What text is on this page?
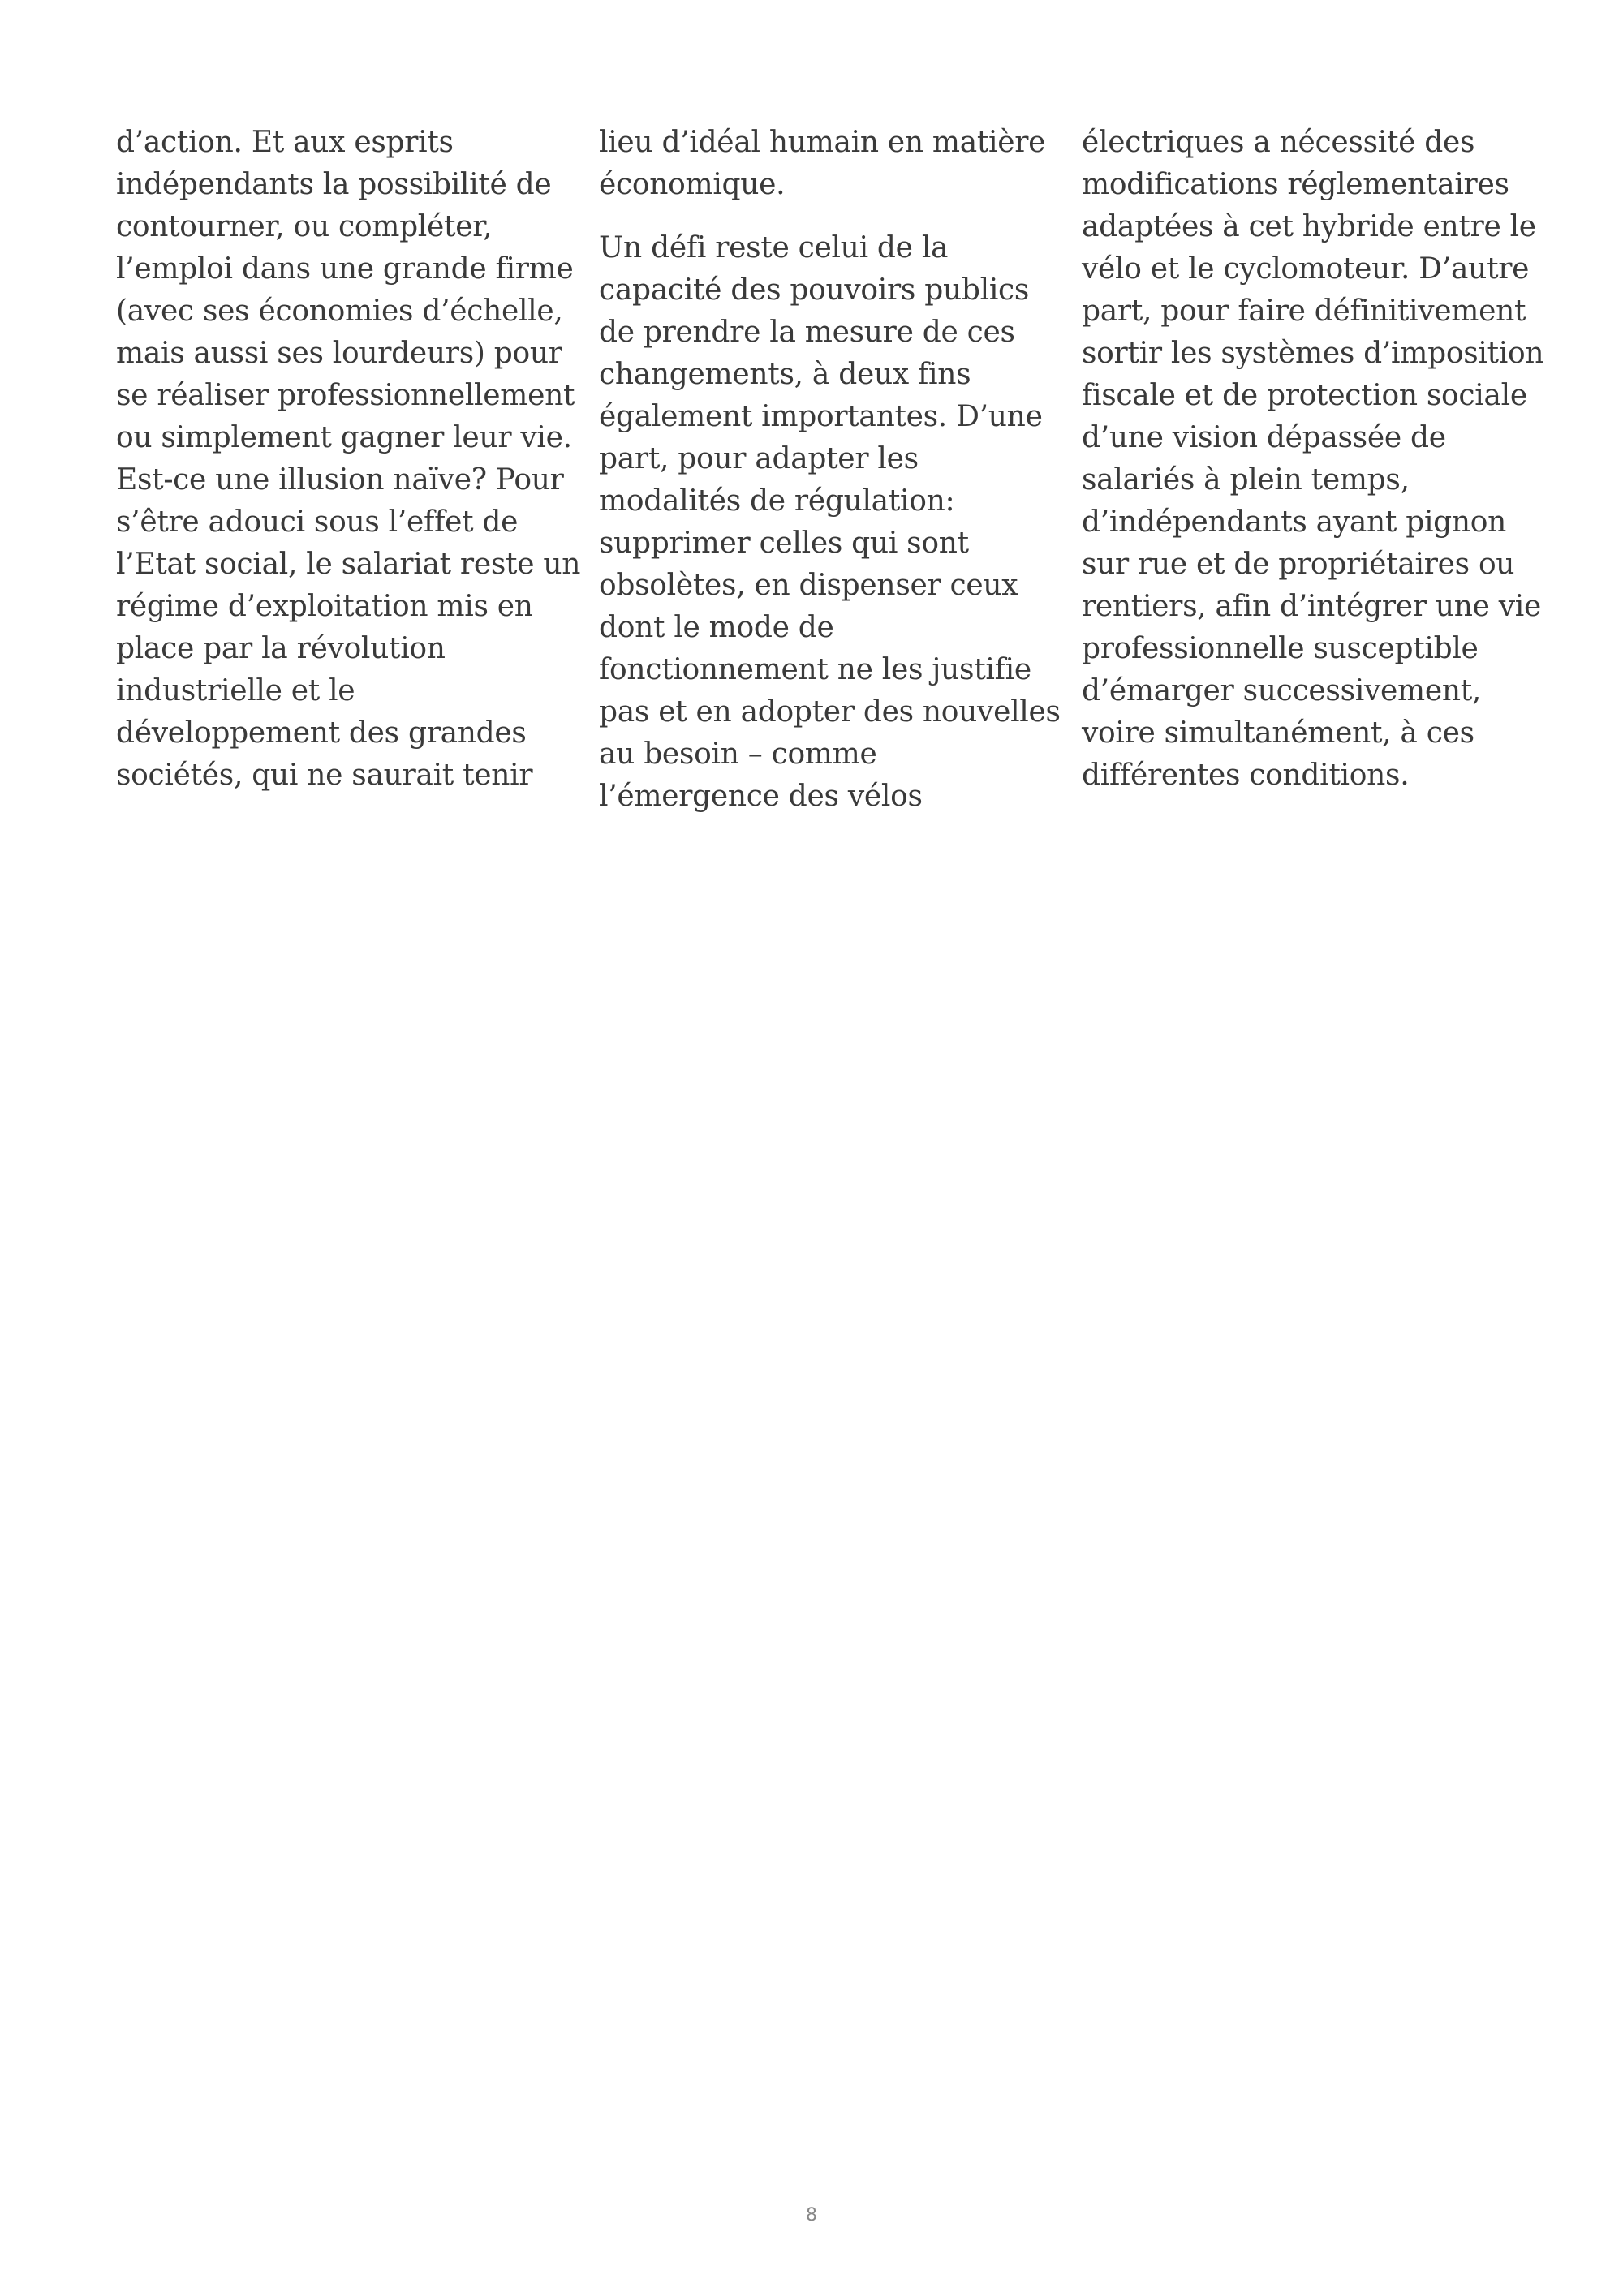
d’action. Et aux esprits
indépendants la possibilité de
contourner, ou compléter,
l’emploi dans une grande firme
(avec ses économies d’échelle,
mais aussi ses lourdeurs) pour
se réaliser professionnellement
ou simplement gagner leur vie.
Est-ce une illusion naïve? Pour
s’être adouci sous l’effet de
l’Etat social, le salariat reste un
régime d’exploitation mis en
place par la révolution
industrielle et le
développement des grandes
sociétés, qui ne saurait tenir

lieu d’idéal humain en matière
économique.

Un défi reste celui de la
capacité des pouvoirs publics
de prendre la mesure de ces
changements, à deux fins
également importantes. D’une
part, pour adapter les
modalités de régulation:
supprimer celles qui sont
obsolètes, en dispenser ceux
dont le mode de
fonctionnement ne les justifie
pas et en adopter des nouvelles
au besoin – comme
l’émergence des vélos

électriques a nécessité des
modifications réglementaires
adaptées à cet hybride entre le
vélo et le cyclomoteur. D’autre
part, pour faire définitivement
sortir les systèmes d’imposition
fiscale et de protection sociale
d’une vision dépassée de
salariés à plein temps,
d’indépendants ayant pignon
sur rue et de propriétaires ou
rentiers, afin d’intégrer une vie
professionnelle susceptible
d’émarger successivement,
voire simultanément, à ces
différentes conditions.

8
